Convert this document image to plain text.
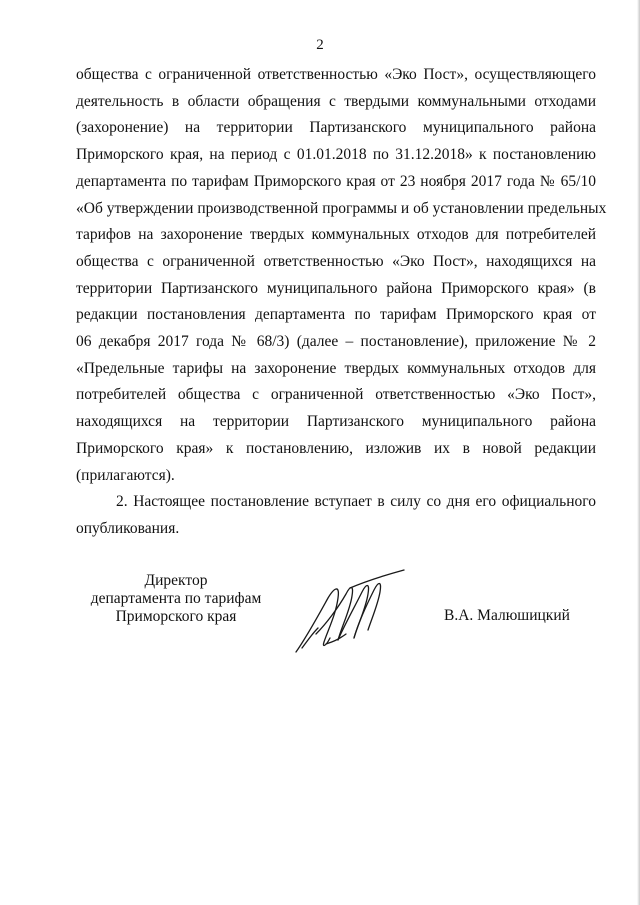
2
общества с ограниченной ответственностью «Эко Пост», осуществляющего
деятельность в области обращения с твердыми коммунальными отходами
(захоронение) на территории Партизанского муниципального района
Приморского края, на период с 01.01.2018 по 31.12.2018» к постановлению
департамента по тарифам Приморского края от 23 ноября 2017 года № 65/10
«Об утверждении производственной программы и об установлении предельных
тарифов на захоронение твердых коммунальных отходов для потребителей
общества с ограниченной ответственностью «Эко Пост», находящихся на
территории Партизанского муниципального района Приморского края» (в
редакции постановления департамента по тарифам Приморского края от
06 декабря 2017 года № 68/3) (далее – постановление), приложение № 2
«Предельные тарифы на захоронение твердых коммунальных отходов для
потребителей общества с ограниченной ответственностью «Эко Пост»,
находящихся на территории Партизанского муниципального района
Приморского края» к постановлению, изложив их в новой редакции
(прилагаются).
2. Настоящее постановление вступает в силу со дня его официального
опубликования.
Директор
департамента по тарифам
Приморского края	В.А. Малюшицкий
